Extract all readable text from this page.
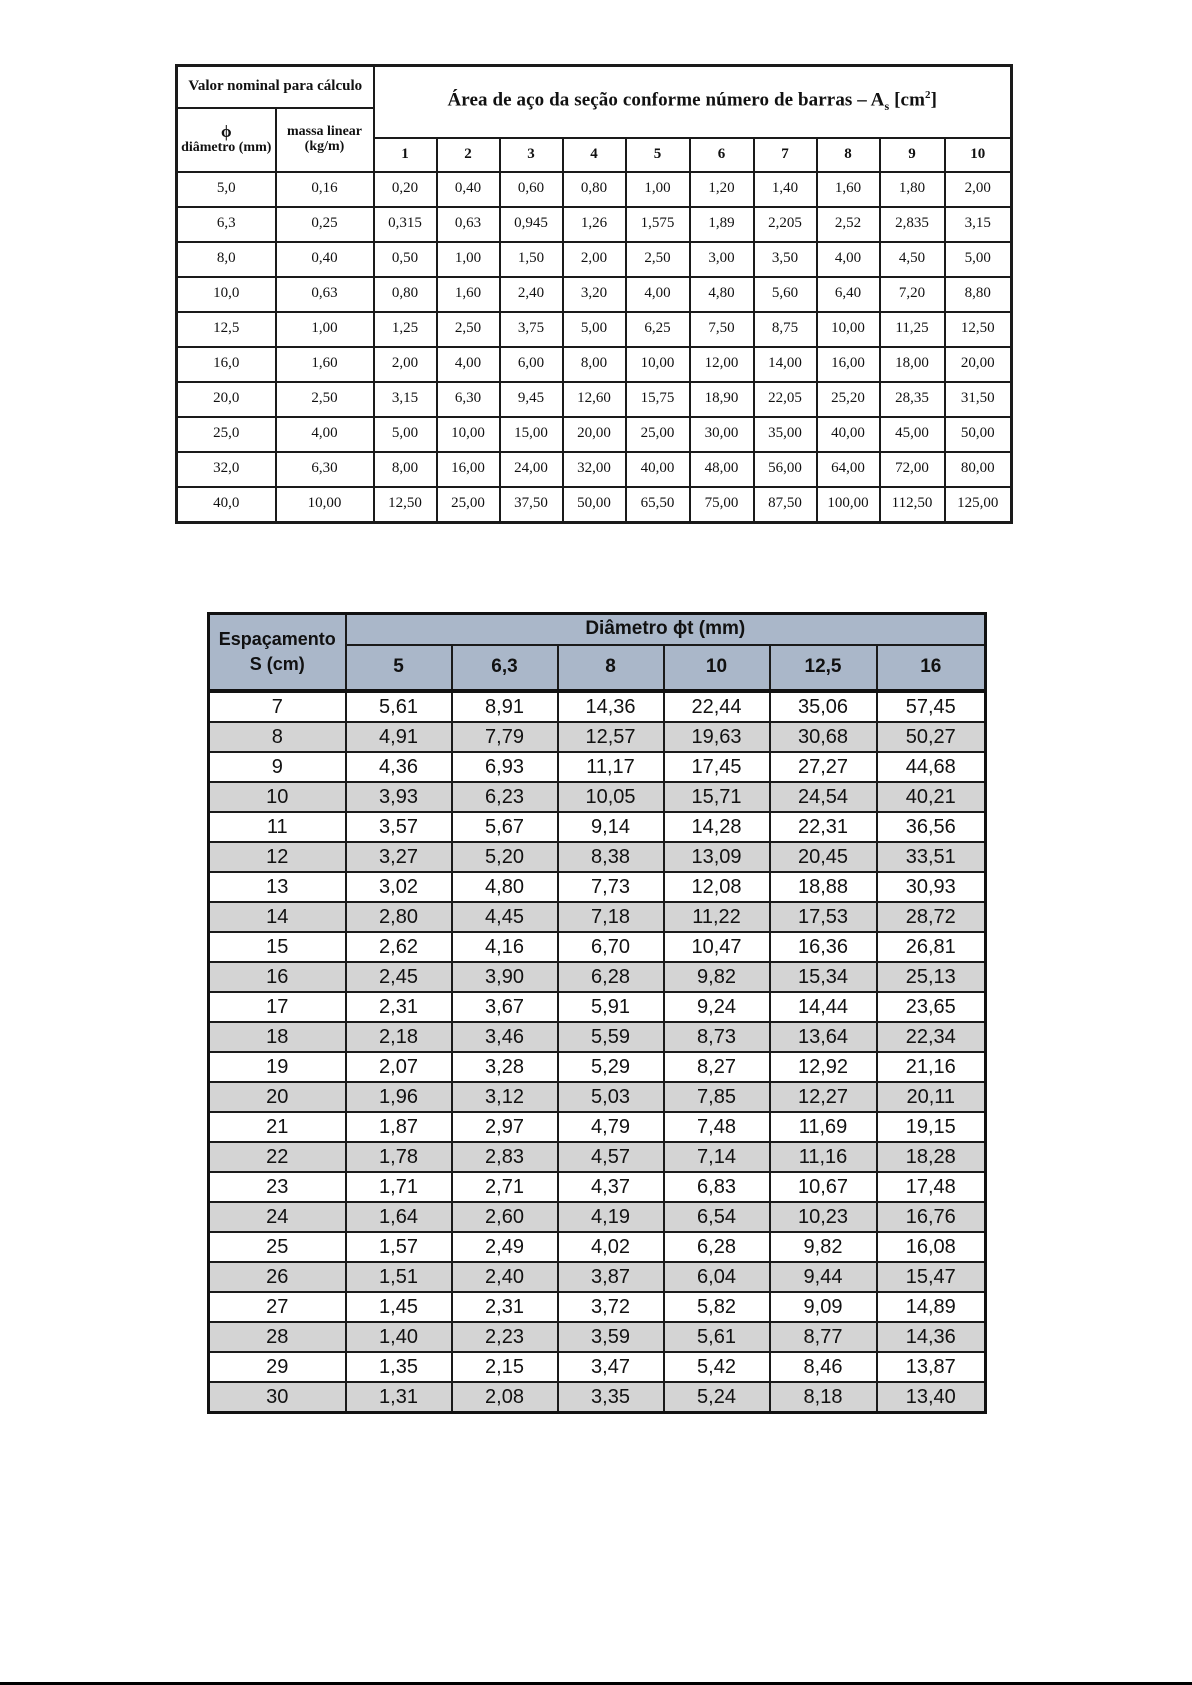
Valor nominal para cálculo		Área de aço da seção conforme número de barras – $A_s$ $[cm^2]$									

ϕ
diâmetro (mm)	massa linear (kg/m)										
		1	2	3	4	5	6	7	8	9	10
5,0	0,16	0,20	0,40	0,60	0,80	1,00	1,20	1,40	1,60	1,80	2,00
6,3	0,25	0,315	0,63	0,945	1,26	1,575	1,89	2,205	2,52	2,835	3,15
8,0	0,40	0,50	1,00	1,50	2,00	2,50	3,00	3,50	4,00	4,50	5,00
10,0	0,63	0,80	1,60	2,40	3,20	4,00	4,80	5,60	6,40	7,20	8,80
12,5	1,00	1,25	2,50	3,75	5,00	6,25	7,50	8,75	10,00	11,25	12,50
16,0	1,60	2,00	4,00	6,00	8,00	10,00	12,00	14,00	16,00	18,00	20,00
20,0	2,50	3,15	6,30	9,45	12,60	15,75	18,90	22,05	25,20	28,35	31,50
25,0	4,00	5,00	10,00	15,00	20,00	25,00	30,00	35,00	40,00	45,00	50,00
32,0	6,30	8,00	16,00	24,00	32,00	40,00	48,00	56,00	64,00	72,00	80,00
40,0	10,00	12,50	25,00	37,50	50,00	65,50	75,00	87,50	100,00	112,50	125,00
Espaçamento S (cm)	Diâmetro ϕt (mm)					
	5	6,3	8	10	12,5	16
7	5,61	8,91	14,36	22,44	35,06	57,45
8	4,91	7,79	12,57	19,63	30,68	50,27
9	4,36	6,93	11,17	17,45	27,27	44,68
10	3,93	6,23	10,05	15,71	24,54	40,21
11	3,57	5,67	9,14	14,28	22,31	36,56
12	3,27	5,20	8,38	13,09	20,45	33,51
13	3,02	4,80	7,73	12,08	18,88	30,93
14	2,80	4,45	7,18	11,22	17,53	28,72
15	2,62	4,16	6,70	10,47	16,36	26,81
16	2,45	3,90	6,28	9,82	15,34	25,13
17	2,31	3,67	5,91	9,24	14,44	23,65
18	2,18	3,46	5,59	8,73	13,64	22,34
19	2,07	3,28	5,29	8,27	12,92	21,16
20	1,96	3,12	5,03	7,85	12,27	20,11
21	1,87	2,97	4,79	7,48	11,69	19,15
22	1,78	2,83	4,57	7,14	11,16	18,28
23	1,71	2,71	4,37	6,83	10,67	17,48
24	1,64	2,60	4,19	6,54	10,23	16,76
25	1,57	2,49	4,02	6,28	9,82	16,08
26	1,51	2,40	3,87	6,04	9,44	15,47
27	1,45	2,31	3,72	5,82	9,09	14,89
28	1,40	2,23	3,59	5,61	8,77	14,36
29	1,35	2,15	3,47	5,42	8,46	13,87
30	1,31	2,08	3,35	5,24	8,18	13,40
